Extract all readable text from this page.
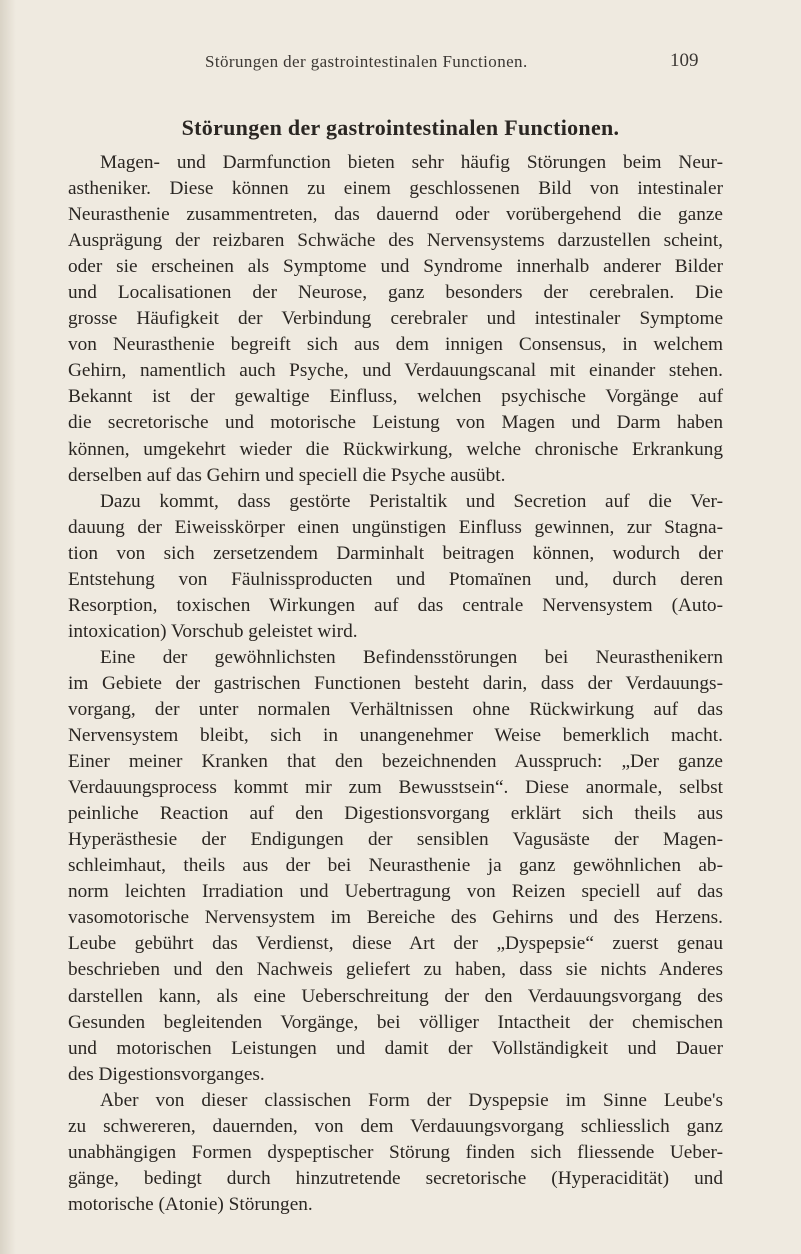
Störungen der gastrointestinalen Functionen.	109
Störungen der gastrointestinalen Functionen.
Magen- und Darmfunction bieten sehr häufig Störungen beim Neur-
astheniker. Diese können zu einem geschlossenen Bild von intestinaler
Neurasthenie zusammentreten, das dauernd oder vorübergehend die ganze
Ausprägung der reizbaren Schwäche des Nervensystems darzustellen scheint,
oder sie erscheinen als Symptome und Syndrome innerhalb anderer Bilder
und Localisationen der Neurose, ganz besonders der cerebralen. Die
grosse Häufigkeit der Verbindung cerebraler und intestinaler Symptome
von Neurasthenie begreift sich aus dem innigen Consensus, in welchem
Gehirn, namentlich auch Psyche, und Verdauungscanal mit einander stehen.
Bekannt ist der gewaltige Einfluss, welchen psychische Vorgänge auf
die secretorische und motorische Leistung von Magen und Darm haben
können, umgekehrt wieder die Rückwirkung, welche chronische Erkrankung
derselben auf das Gehirn und speciell die Psyche ausübt.
Dazu kommt, dass gestörte Peristaltik und Secretion auf die Ver-
dauung der Eiweisskörper einen ungünstigen Einfluss gewinnen, zur Stagna-
tion von sich zersetzendem Darminhalt beitragen können, wodurch der
Entstehung von Fäulnissproducten und Ptomaïnen und, durch deren
Resorption, toxischen Wirkungen auf das centrale Nervensystem (Auto-
intoxication) Vorschub geleistet wird.
Eine der gewöhnlichsten Befindensstörungen bei Neurasthenikern
im Gebiete der gastrischen Functionen besteht darin, dass der Verdauungs-
vorgang, der unter normalen Verhältnissen ohne Rückwirkung auf das
Nervensystem bleibt, sich in unangenehmer Weise bemerklich macht.
Einer meiner Kranken that den bezeichnenden Ausspruch: „Der ganze
Verdauungsprocess kommt mir zum Bewusstsein“. Diese anormale, selbst
peinliche Reaction auf den Digestionsvorgang erklärt sich theils aus
Hyperästhesie der Endigungen der sensiblen Vagusäste der Magen-
schleimhaut, theils aus der bei Neurasthenie ja ganz gewöhnlichen ab-
norm leichten Irradiation und Uebertragung von Reizen speciell auf das
vasomotorische Nervensystem im Bereiche des Gehirns und des Herzens.
Leube gebührt das Verdienst, diese Art der „Dyspepsie“ zuerst genau
beschrieben und den Nachweis geliefert zu haben, dass sie nichts Anderes
darstellen kann, als eine Ueberschreitung der den Verdauungsvorgang des
Gesunden begleitenden Vorgänge, bei völliger Intactheit der chemischen
und motorischen Leistungen und damit der Vollständigkeit und Dauer
des Digestionsvorganges.
Aber von dieser classischen Form der Dyspepsie im Sinne Leube's
zu schwereren, dauernden, von dem Verdauungsvorgang schliesslich ganz
unabhängigen Formen dyspeptischer Störung finden sich fliessende Ueber-
gänge, bedingt durch hinzutretende secretorische (Hyperacidität) und
motorische (Atonie) Störungen.
